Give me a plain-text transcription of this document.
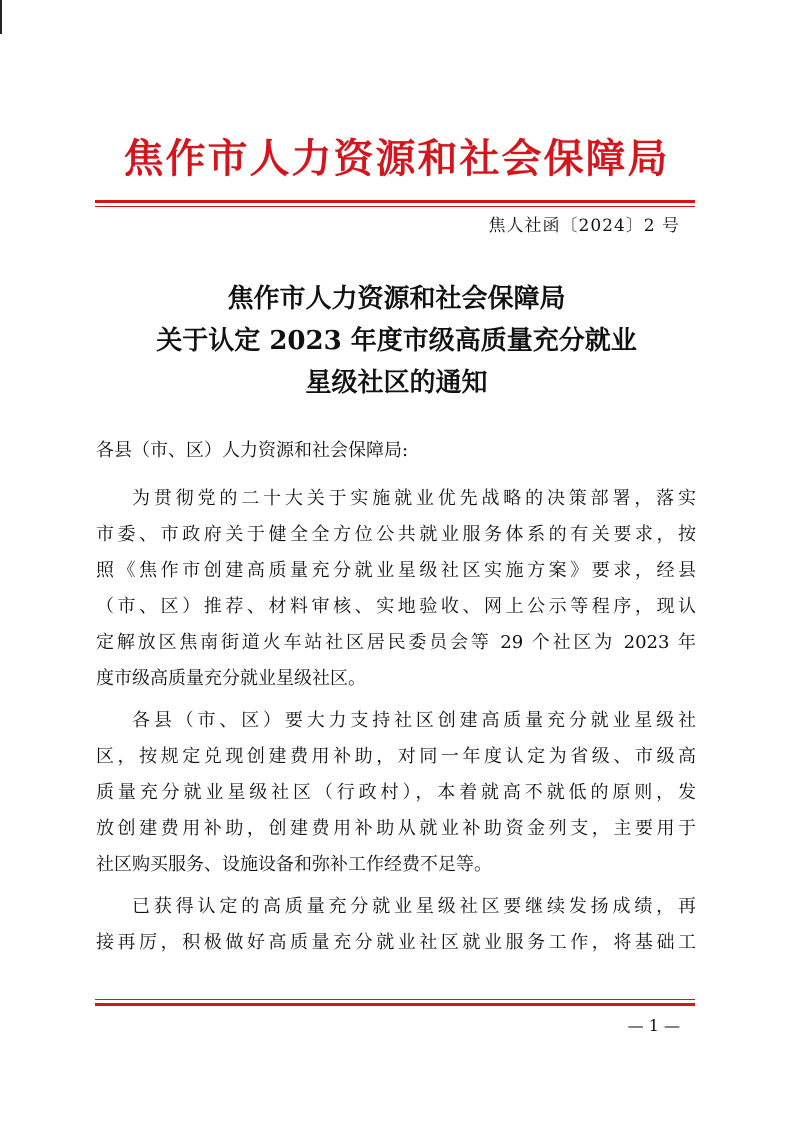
焦作市人力资源和社会保障局
焦人社函〔2024〕2 号
焦作市人力资源和社会保障局
关于认定 2023 年度市级高质量充分就业
星级社区的通知
各县（市、区）人力资源和社会保障局:
为贯彻党的二十大关于实施就业优先战略的决策部署，落实
市委、市政府关于健全全方位公共就业服务体系的有关要求，按
照《焦作市创建高质量充分就业星级社区实施方案》要求，经县
（市、区）推荐、材料审核、实地验收、网上公示等程序，现认
定解放区焦南街道火车站社区居民委员会等 29 个社区为 2023 年
度市级高质量充分就业星级社区。
各县（市、区）要大力支持社区创建高质量充分就业星级社
区，按规定兑现创建费用补助，对同一年度认定为省级、市级高
质量充分就业星级社区（行政村），本着就高不就低的原则，发
放创建费用补助，创建费用补助从就业补助资金列支，主要用于
社区购买服务、设施设备和弥补工作经费不足等。
已获得认定的高质量充分就业星级社区要继续发扬成绩，再
接再厉，积极做好高质量充分就业社区就业服务工作，将基础工
— 1 —
